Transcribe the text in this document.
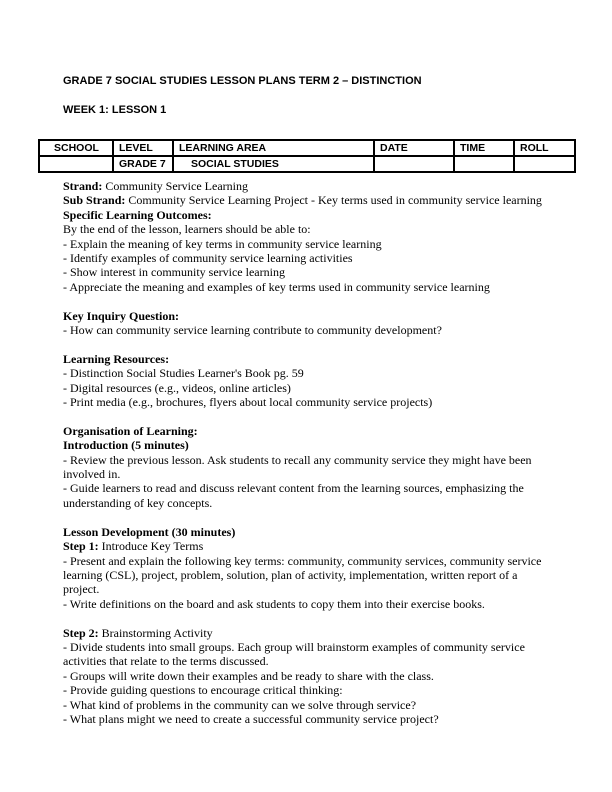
GRADE 7 SOCIAL STUDIES LESSON PLANS TERM 2 – DISTINCTION
WEEK 1: LESSON 1
SCHOOL	LEVEL	LEARNING AREA	DATE	TIME	ROLL
	GRADE 7	SOCIAL STUDIES			

Strand: Community Service Learning

Sub Strand: Community Service Learning Project - Key terms used in community service learning

Specific Learning Outcomes:

By the end of the lesson, learners should be able to:

- Explain the meaning of key terms in community service learning

- Identify examples of community service learning activities

- Show interest in community service learning

- Appreciate the meaning and examples of key terms used in community service learning

Key Inquiry Question:

- How can community service learning contribute to community development?

Learning Resources:

- Distinction Social Studies Learner's Book pg. 59

- Digital resources (e.g., videos, online articles)

- Print media (e.g., brochures, flyers about local community service projects)

Organisation of Learning:

Introduction (5 minutes)

- Review the previous lesson. Ask students to recall any community service they might have been involved in.

- Guide learners to read and discuss relevant content from the learning sources, emphasizing the understanding of key concepts.

Lesson Development (30 minutes)

Step 1: Introduce Key Terms

- Present and explain the following key terms: community, community services, community service learning (CSL), project, problem, solution, plan of activity, implementation, written report of a project.

- Write definitions on the board and ask students to copy them into their exercise books.

Step 2: Brainstorming Activity

- Divide students into small groups. Each group will brainstorm examples of community service activities that relate to the terms discussed.

- Groups will write down their examples and be ready to share with the class.

- Provide guiding questions to encourage critical thinking:

- What kind of problems in the community can we solve through service?

- What plans might we need to create a successful community service project?
